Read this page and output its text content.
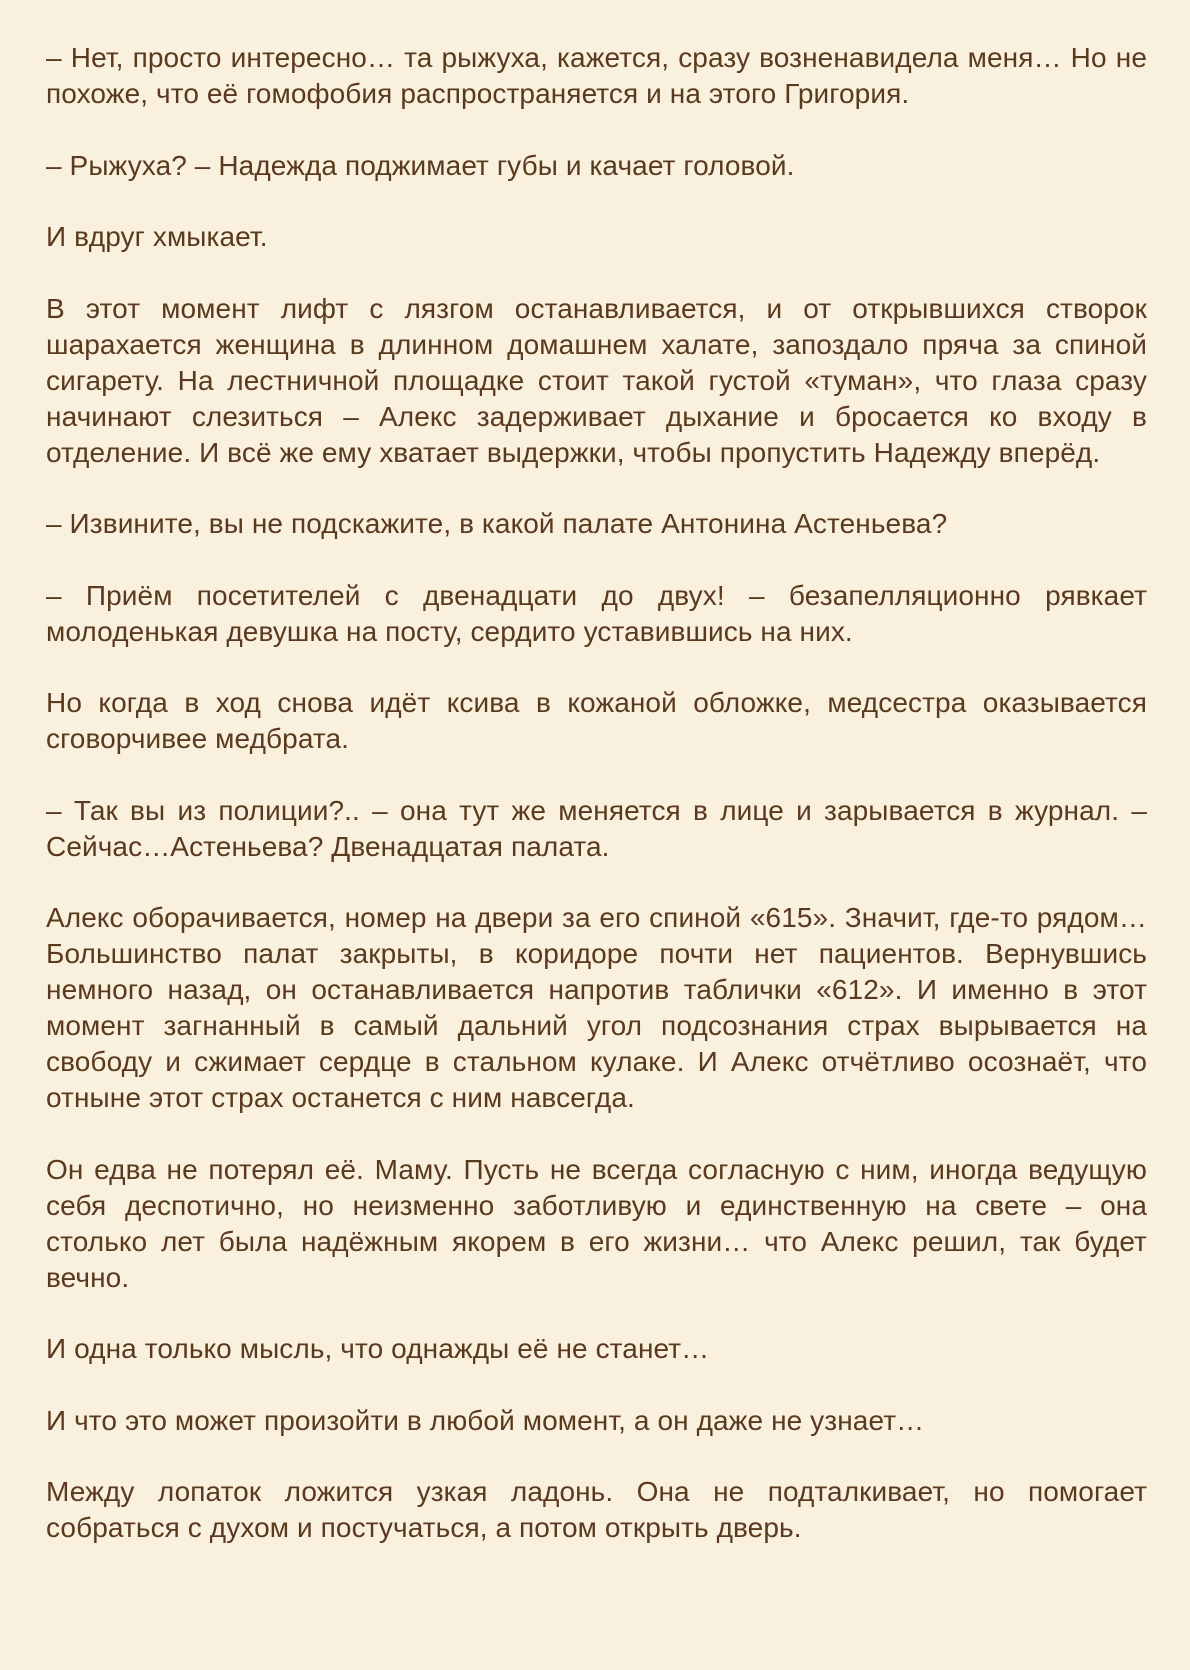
– Нет, просто интересно… та рыжуха, кажется, сразу возненавидела меня… Но не похоже, что её гомофобия распространяется и на этого Григория.

– Рыжуха? – Надежда поджимает губы и качает головой.

И вдруг хмыкает.

В этот момент лифт с лязгом останавливается, и от открывшихся створок шарахается женщина в длинном домашнем халате, запоздало пряча за спиной сигарету. На лестничной площадке стоит такой густой «туман», что глаза сразу начинают слезиться – Алекс задерживает дыхание и бросается ко входу в отделение. И всё же ему хватает выдержки, чтобы пропустить Надежду вперёд.

– Извините, вы не подскажите, в какой палате Антонина Астеньева?

– Приём посетителей с двенадцати до двух! – безапелляционно рявкает молоденькая девушка на посту, сердито уставившись на них.

Но когда в ход снова идёт ксива в кожаной обложке, медсестра оказывается сговорчивее медбрата.

– Так вы из полиции?.. – она тут же меняется в лице и зарывается в журнал. – Сейчас…Астеньева? Двенадцатая палата.

Алекс оборачивается, номер на двери за его спиной «615». Значит, где-то рядом… Большинство палат закрыты, в коридоре почти нет пациентов. Вернувшись немного назад, он останавливается напротив таблички «612». И именно в этот момент загнанный в самый дальний угол подсознания страх вырывается на свободу и сжимает сердце в стальном кулаке. И Алекс отчётливо осознаёт, что отныне этот страх останется с ним навсегда.

Он едва не потерял её. Маму. Пусть не всегда согласную с ним, иногда ведущую себя деспотично, но неизменно заботливую и единственную на свете – она столько лет была надёжным якорем в его жизни… что Алекс решил, так будет вечно.

И одна только мысль, что однажды её не станет…

И что это может произойти в любой момент, а он даже не узнает…

Между лопаток ложится узкая ладонь. Она не подталкивает, но помогает собраться с духом и постучаться, а потом открыть дверь.
